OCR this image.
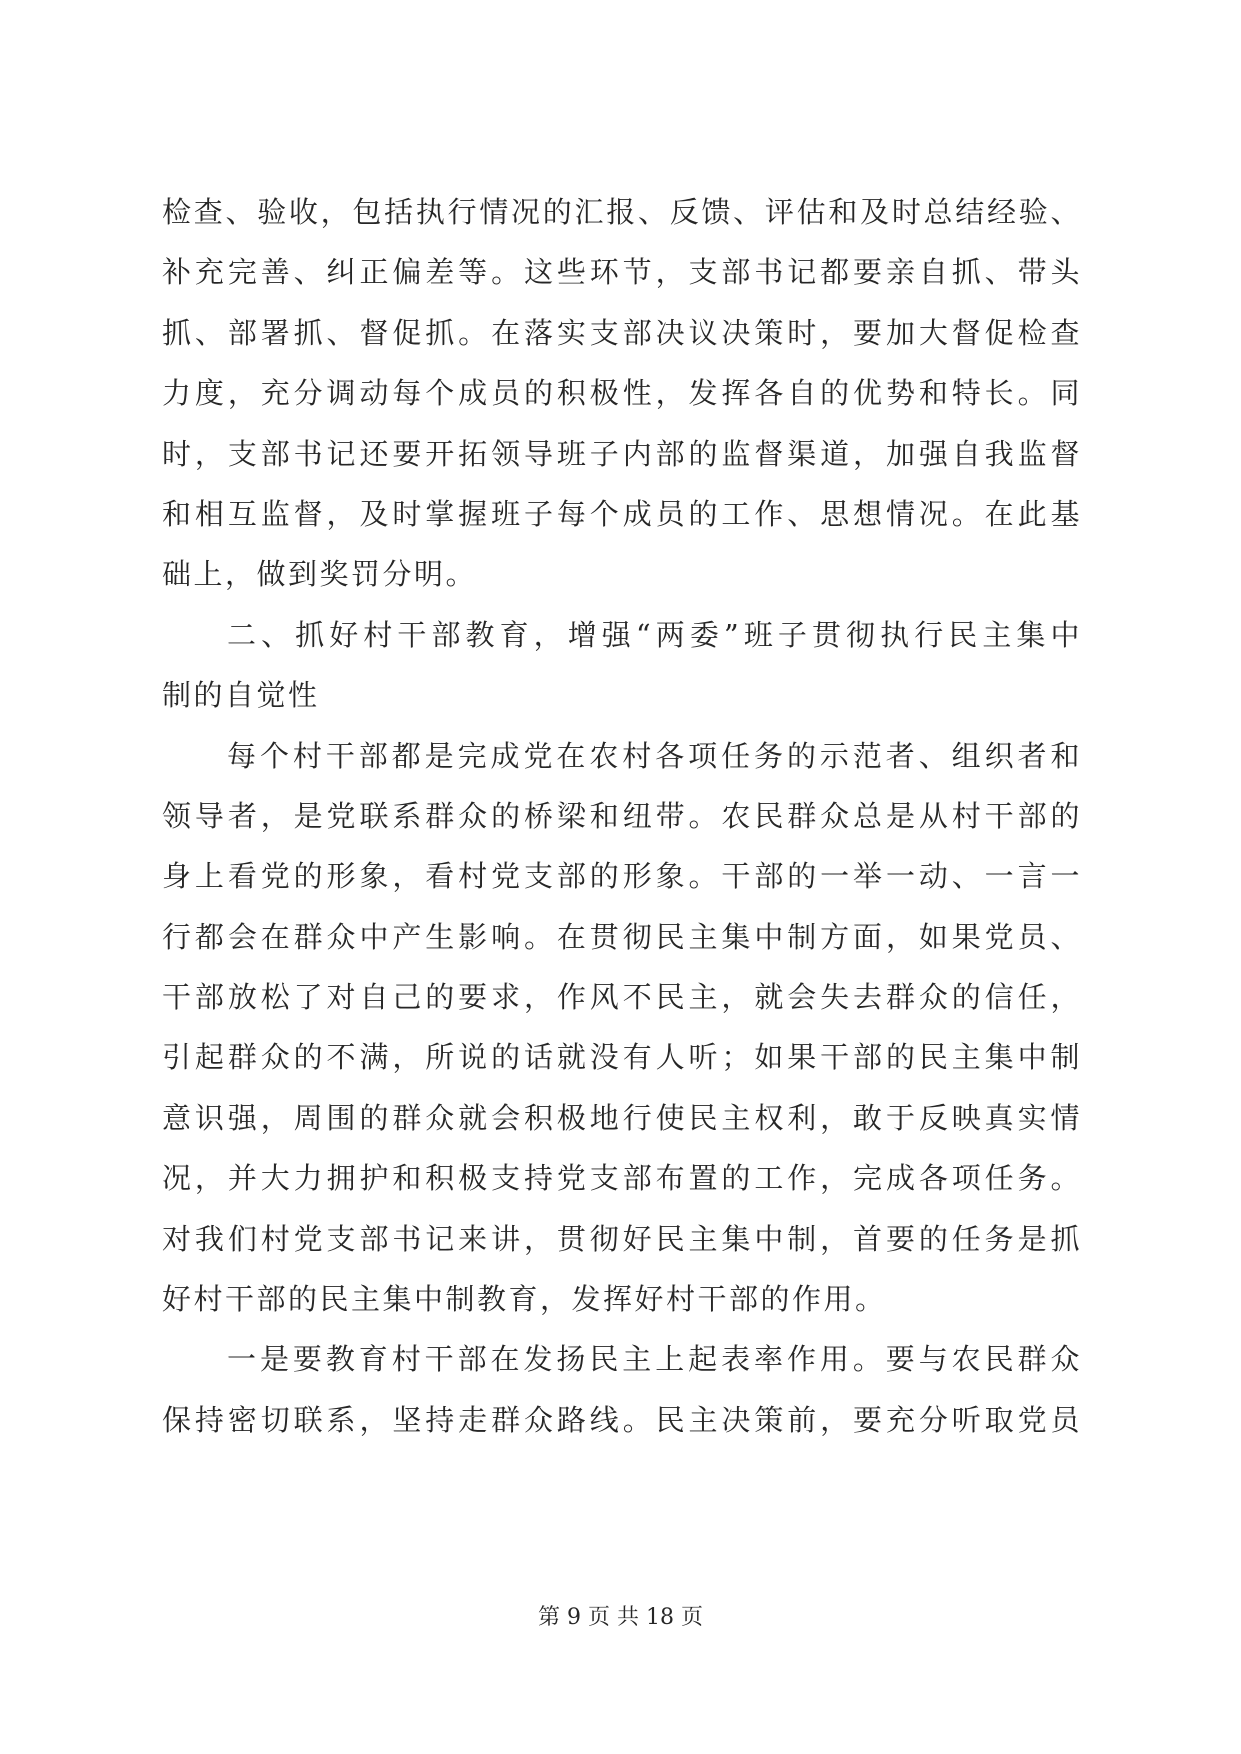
检查、验收，包括执行情况的汇报、反馈、评估和及时总结经验、
补充完善、纠正偏差等。这些环节，支部书记都要亲自抓、带头
抓、部署抓、督促抓。在落实支部决议决策时，要加大督促检查
力度，充分调动每个成员的积极性，发挥各自的优势和特长。同
时，支部书记还要开拓领导班子内部的监督渠道，加强自我监督
和相互监督，及时掌握班子每个成员的工作、思想情况。在此基
础上，做到奖罚分明。
二、抓好村干部教育，增强“两委”班子贯彻执行民主集中
制的自觉性
每个村干部都是完成党在农村各项任务的示范者、组织者和
领导者，是党联系群众的桥梁和纽带。农民群众总是从村干部的
身上看党的形象，看村党支部的形象。干部的一举一动、一言一
行都会在群众中产生影响。在贯彻民主集中制方面，如果党员、
干部放松了对自己的要求，作风不民主，就会失去群众的信任，
引起群众的不满，所说的话就没有人听；如果干部的民主集中制
意识强，周围的群众就会积极地行使民主权利，敢于反映真实情
况，并大力拥护和积极支持党支部布置的工作，完成各项任务。
对我们村党支部书记来讲，贯彻好民主集中制，首要的任务是抓
好村干部的民主集中制教育，发挥好村干部的作用。
一是要教育村干部在发扬民主上起表率作用。要与农民群众
保持密切联系，坚持走群众路线。民主决策前，要充分听取党员
第 9 页 共 18 页
